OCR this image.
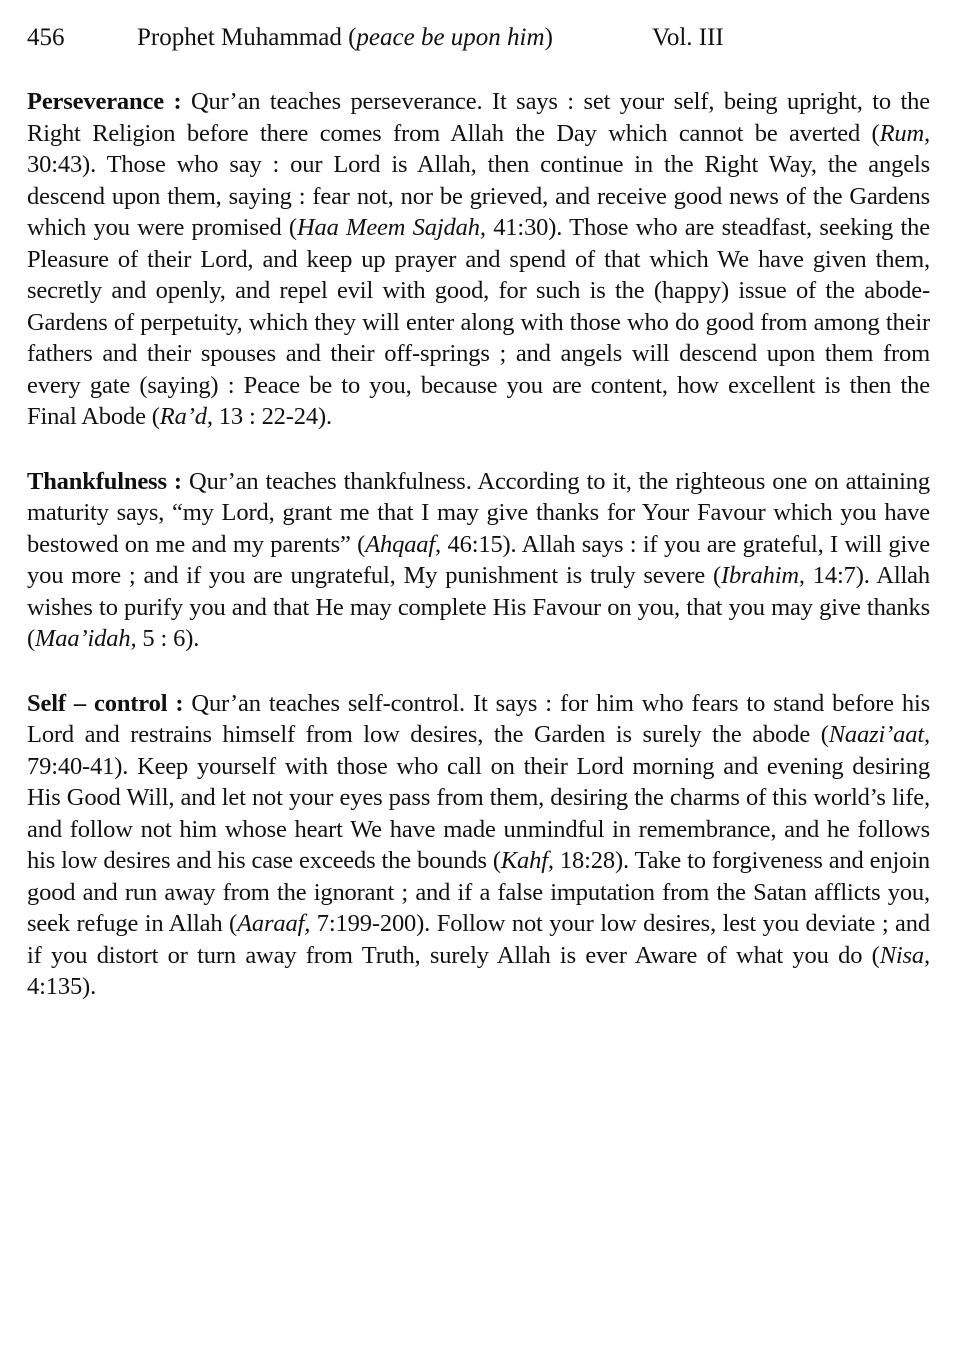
456	Prophet Muhammad (peace be upon him)	Vol. III

Perseverance : Qur’an teaches perseverance. It says : set your self, being upright, to the Right Religion before there comes from Allah the Day which cannot be averted (Rum, 30:43). Those who say : our Lord is Allah, then continue in the Right Way, the angels descend upon them, saying : fear not, nor be grieved, and receive good news of the Gardens which you were promised (Haa Meem Sajdah, 41:30). Those who are steadfast, seeking the Pleasure of their Lord, and keep up prayer and spend of that which We have given them, secretly and openly, and repel evil with good, for such is the (happy) issue of the abode-Gardens of perpetuity, which they will enter along with those who do good from among their fathers and their spouses and their off-springs ; and angels will descend upon them from every gate (saying) : Peace be to you, because you are content, how excellent is then the Final Abode (Ra’d, 13 : 22-24).

Thankfulness : Qur’an teaches thankfulness. According to it, the righteous one on attaining maturity says, “my Lord, grant me that I may give thanks for Your Favour which you have bestowed on me and my parents” (Ahqaaf, 46:15). Allah says : if you are grateful, I will give you more ; and if you are ungrateful, My punishment is truly severe (Ibrahim, 14:7). Allah wishes to purify you and that He may complete His Favour on you, that you may give thanks (Maa’idah, 5 : 6).

Self – control : Qur’an teaches self-control. It says : for him who fears to stand before his Lord and restrains himself from low desires, the Garden is surely the abode (Naazi’aat, 79:40-41). Keep yourself with those who call on their Lord morning and evening desiring His Good Will, and let not your eyes pass from them, desiring the charms of this world’s life, and follow not him whose heart We have made unmindful in remembrance, and he follows his low desires and his case exceeds the bounds (Kahf, 18:28). Take to forgiveness and enjoin good and run away from the ignorant ; and if a false imputation from the Satan afflicts you, seek refuge in Allah (Aaraaf, 7:199-200). Follow not your low desires, lest you deviate ; and if you distort or turn away from Truth, surely Allah is ever Aware of what you do (Nisa, 4:135).
